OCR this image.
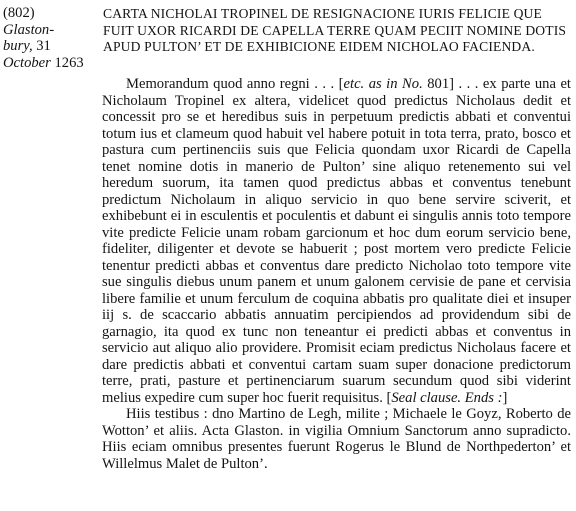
(802) Glaston-
bury, 31
October 1263
CARTA NICHOLAI TROPINEL DE RESIGNACIONE IURIS FELICIE QUE FUIT UXOR RICARDI DE CAPELLA TERRE QUAM PECIIT NOMINE DOTIS APUD PULTON’ ET DE EXHIBICIONE EIDEM NICHOLAO FACIENDA.

Memorandum quod anno regni . . . [etc. as in No. 801] . . . ex parte una et Nicholaum Tropinel ex altera, videlicet quod predictus Nicholaus dedit et concessit pro se et heredibus suis in perpetuum predictis abbati et conventui totum ius et clameum quod habuit vel habere potuit in tota terra, prato, bosco et pastura cum pertinenciis suis que Felicia quondam uxor Ricardi de Capella tenet nomine dotis in manerio de Pulton’ sine aliquo retenemento sui vel heredum suorum, ita tamen quod predictus abbas et conventus tenebunt predictum Nicholaum in aliquo servicio in quo bene servire sciverit, et exhibebunt ei in esculentis et poculentis et dabunt ei singulis annis toto tempore vite predicte Felicie unam robam garcionum et hoc dum eorum servicio bene, fideliter, diligenter et devote se habuerit ; post mortem vero predicte Felicie tenentur predicti abbas et conventus dare predicto Nicholao toto tempore vite sue singulis diebus unum panem et unum galonem cervisie de pane et cervisia libere familie et unum ferculum de coquina abbatis pro qualitate diei et insuper iij s. de scaccario abbatis annuatim percipiendos ad providendum sibi de garnagio, ita quod ex tunc non teneantur ei predicti abbas et conventus in servicio aut aliquo alio providere. Promisit eciam predictus Nicholaus facere et dare predictis abbati et conventui cartam suam super donacione predictorum terre, prati, pasture et pertinenciarum suarum secundum quod sibi viderint melius expedire cum super hoc fuerit requisitus. [Seal clause. Ends :]

Hiis testibus : dno Martino de Legh, milite ; Michaele le Goyz, Roberto de Wotton’ et aliis. Acta Glaston. in vigilia Omnium Sanctorum anno supradicto. Hiis eciam omnibus presentes fuerunt Rogerus le Blund de Northpederton’ et Willelmus Malet de Pulton’.
